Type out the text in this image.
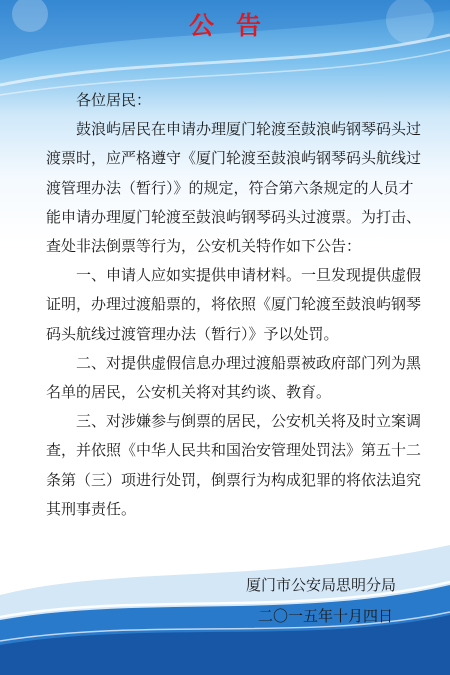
公告

各位居民：

鼓浪屿居民在申请办理厦门轮渡至鼓浪屿钢琴码头过渡票时，应严格遵守《厦门轮渡至鼓浪屿钢琴码头航线过渡管理办法（暂行）》的规定，符合第六条规定的人员才能申请办理厦门轮渡至鼓浪屿钢琴码头过渡票。为打击、查处非法倒票等行为，公安机关特作如下公告：

一、申请人应如实提供申请材料。一旦发现提供虚假证明，办理过渡船票的，将依照《厦门轮渡至鼓浪屿钢琴码头航线过渡管理办法（暂行）》予以处罚。

二、对提供虚假信息办理过渡船票被政府部门列为黑名单的居民，公安机关将对其约谈、教育。

三、对涉嫌参与倒票的居民，公安机关将及时立案调查，并依照《中华人民共和国治安管理处罚法》第五十二条第（三）项进行处罚，倒票行为构成犯罪的将依法追究其刑事责任。

厦门市公安局思明分局
二〇一五年十月四日
